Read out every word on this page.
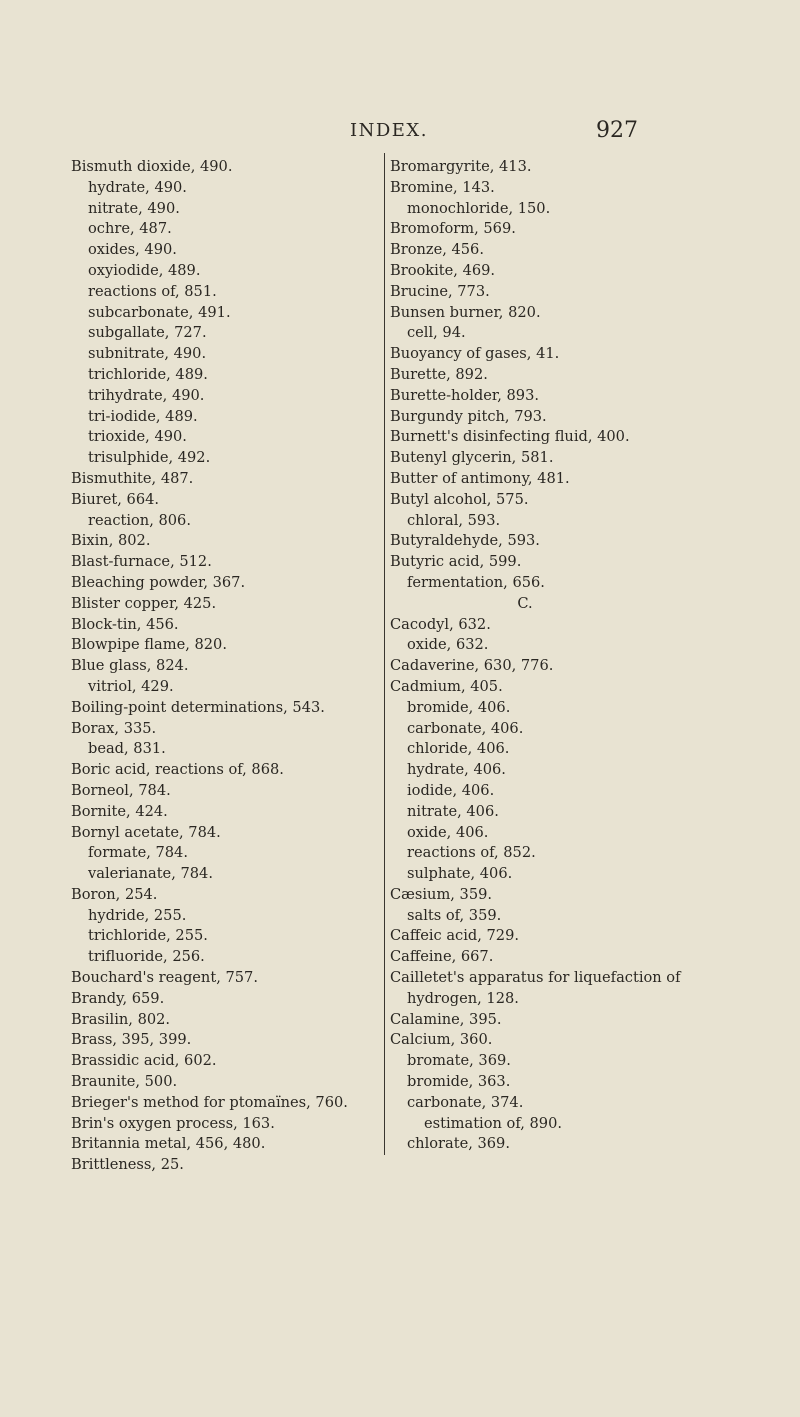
INDEX.	927
Bismuth dioxide, 490.
hydrate, 490.
nitrate, 490.
ochre, 487.
oxides, 490.
oxyiodide, 489.
reactions of, 851.
subcarbonate, 491.
subgallate, 727.
subnitrate, 490.
trichloride, 489.
trihydrate, 490.
tri-iodide, 489.
trioxide, 490.
trisulphide, 492.
Bismuthite, 487.
Biuret, 664.
reaction, 806.
Bixin, 802.
Blast-furnace, 512.
Bleaching powder, 367.
Blister copper, 425.
Block-tin, 456.
Blowpipe flame, 820.
Blue glass, 824.
vitriol, 429.
Boiling-point determinations, 543.
Borax, 335.
bead, 831.
Boric acid, reactions of, 868.
Borneol, 784.
Bornite, 424.
Bornyl acetate, 784.
formate, 784.
valerianate, 784.
Boron, 254.
hydride, 255.
trichloride, 255.
trifluoride, 256.
Bouchard's reagent, 757.
Brandy, 659.
Brasilin, 802.
Brass, 395, 399.
Brassidic acid, 602.
Braunite, 500.
Brieger's method for ptomaïnes, 760.
Brin's oxygen process, 163.
Britannia metal, 456, 480.
Brittleness, 25.
Bromargyrite, 413.
Bromine, 143.
monochloride, 150.
Bromoform, 569.
Bronze, 456.
Brookite, 469.
Brucine, 773.
Bunsen burner, 820.
cell, 94.
Buoyancy of gases, 41.
Burette, 892.
Burette-holder, 893.
Burgundy pitch, 793.
Burnett's disinfecting fluid, 400.
Butenyl glycerin, 581.
Butter of antimony, 481.
Butyl alcohol, 575.
chloral, 593.
Butyraldehyde, 593.
Butyric acid, 599.
fermentation, 656.
C.
Cacodyl, 632.
oxide, 632.
Cadaverine, 630, 776.
Cadmium, 405.
bromide, 406.
carbonate, 406.
chloride, 406.
hydrate, 406.
iodide, 406.
nitrate, 406.
oxide, 406.
reactions of, 852.
sulphate, 406.
Cæsium, 359.
salts of, 359.
Caffeic acid, 729.
Caffeine, 667.
Cailletet's apparatus for liquefaction of
hydrogen, 128.
Calamine, 395.
Calcium, 360.
bromate, 369.
bromide, 363.
carbonate, 374.
estimation of, 890.
chlorate, 369.
